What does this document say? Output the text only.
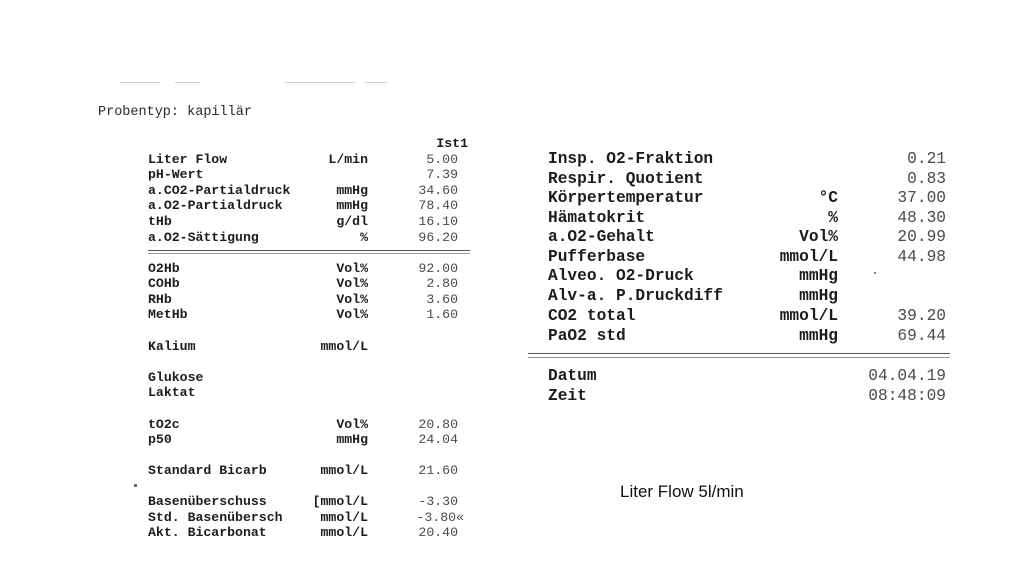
Probentyp: kapillär
Ist1
Liter Flow	L/min	5.00
pH-Wert	7.39
a.CO2-Partialdruck	mmHg	34.60
a.O2-Partialdruck	mmHg	78.40
tHb	g/dl	16.10
a.O2-Sättigung	%	96.20
O2Hb	Vol%	92.00
COHb	Vol%	2.80
RHb	Vol%	3.60
MetHb	Vol%	1.60
Kalium	mmol/L
Glukose
Laktat
tO2c	Vol%	20.80
p50	mmHg	24.04
Standard Bicarb	mmol/L	21.60
Basenüberschuss	[mmol/L	-3.30
Std. Basenübersch	mmol/L	-3.80«
Akt. Bicarbonat	mmol/L	20.40
Insp. O2-Fraktion	0.21
Respir. Quotient	0.83
Körpertemperatur	°C	37.00
Hämatokrit	%	48.30
a.O2-Gehalt	Vol%	20.99
Pufferbase	mmol/L	44.98
Alveo. O2-Druck	mmHg
Alv-a. P.Druckdiff	mmHg
CO2 total	mmol/L	39.20
PaO2 std	mmHg	69.44
Datum	04.04.19
Zeit	08:48:09
Liter Flow 5l/min
